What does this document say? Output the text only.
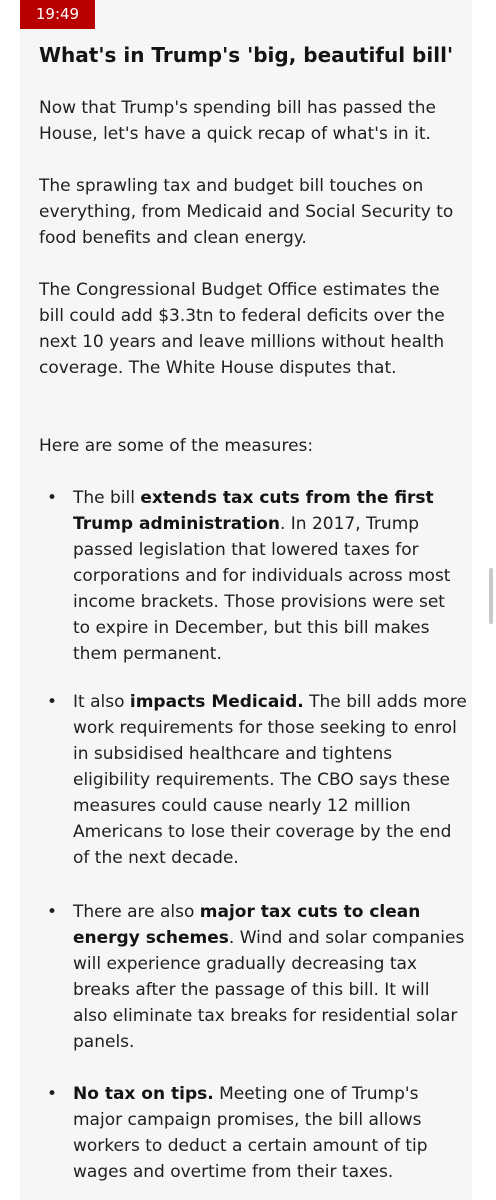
19:49
What's in Trump's 'big, beautiful bill'

Now that Trump's spending bill has passed the House, let's have a quick recap of what's in it.

The sprawling tax and budget bill touches on everything, from Medicaid and Social Security to food benefits and clean energy.

The Congressional Budget Office estimates the bill could add $3.3tn to federal deficits over the next 10 years and leave millions without health coverage. The White House disputes that.

Here are some of the measures:

• The bill extends tax cuts from the first Trump administration. In 2017, Trump passed legislation that lowered taxes for corporations and for individuals across most income brackets. Those provisions were set to expire in December, but this bill makes them permanent.
• It also impacts Medicaid. The bill adds more work requirements for those seeking to enrol in subsidised healthcare and tightens eligibility requirements. The CBO says these measures could cause nearly 12 million Americans to lose their coverage by the end of the next decade.
• There are also major tax cuts to clean energy schemes. Wind and solar companies will experience gradually decreasing tax breaks after the passage of this bill. It will also eliminate tax breaks for residential solar panels.
• No tax on tips. Meeting one of Trump's major campaign promises, the bill allows workers to deduct a certain amount of tip wages and overtime from their taxes.
